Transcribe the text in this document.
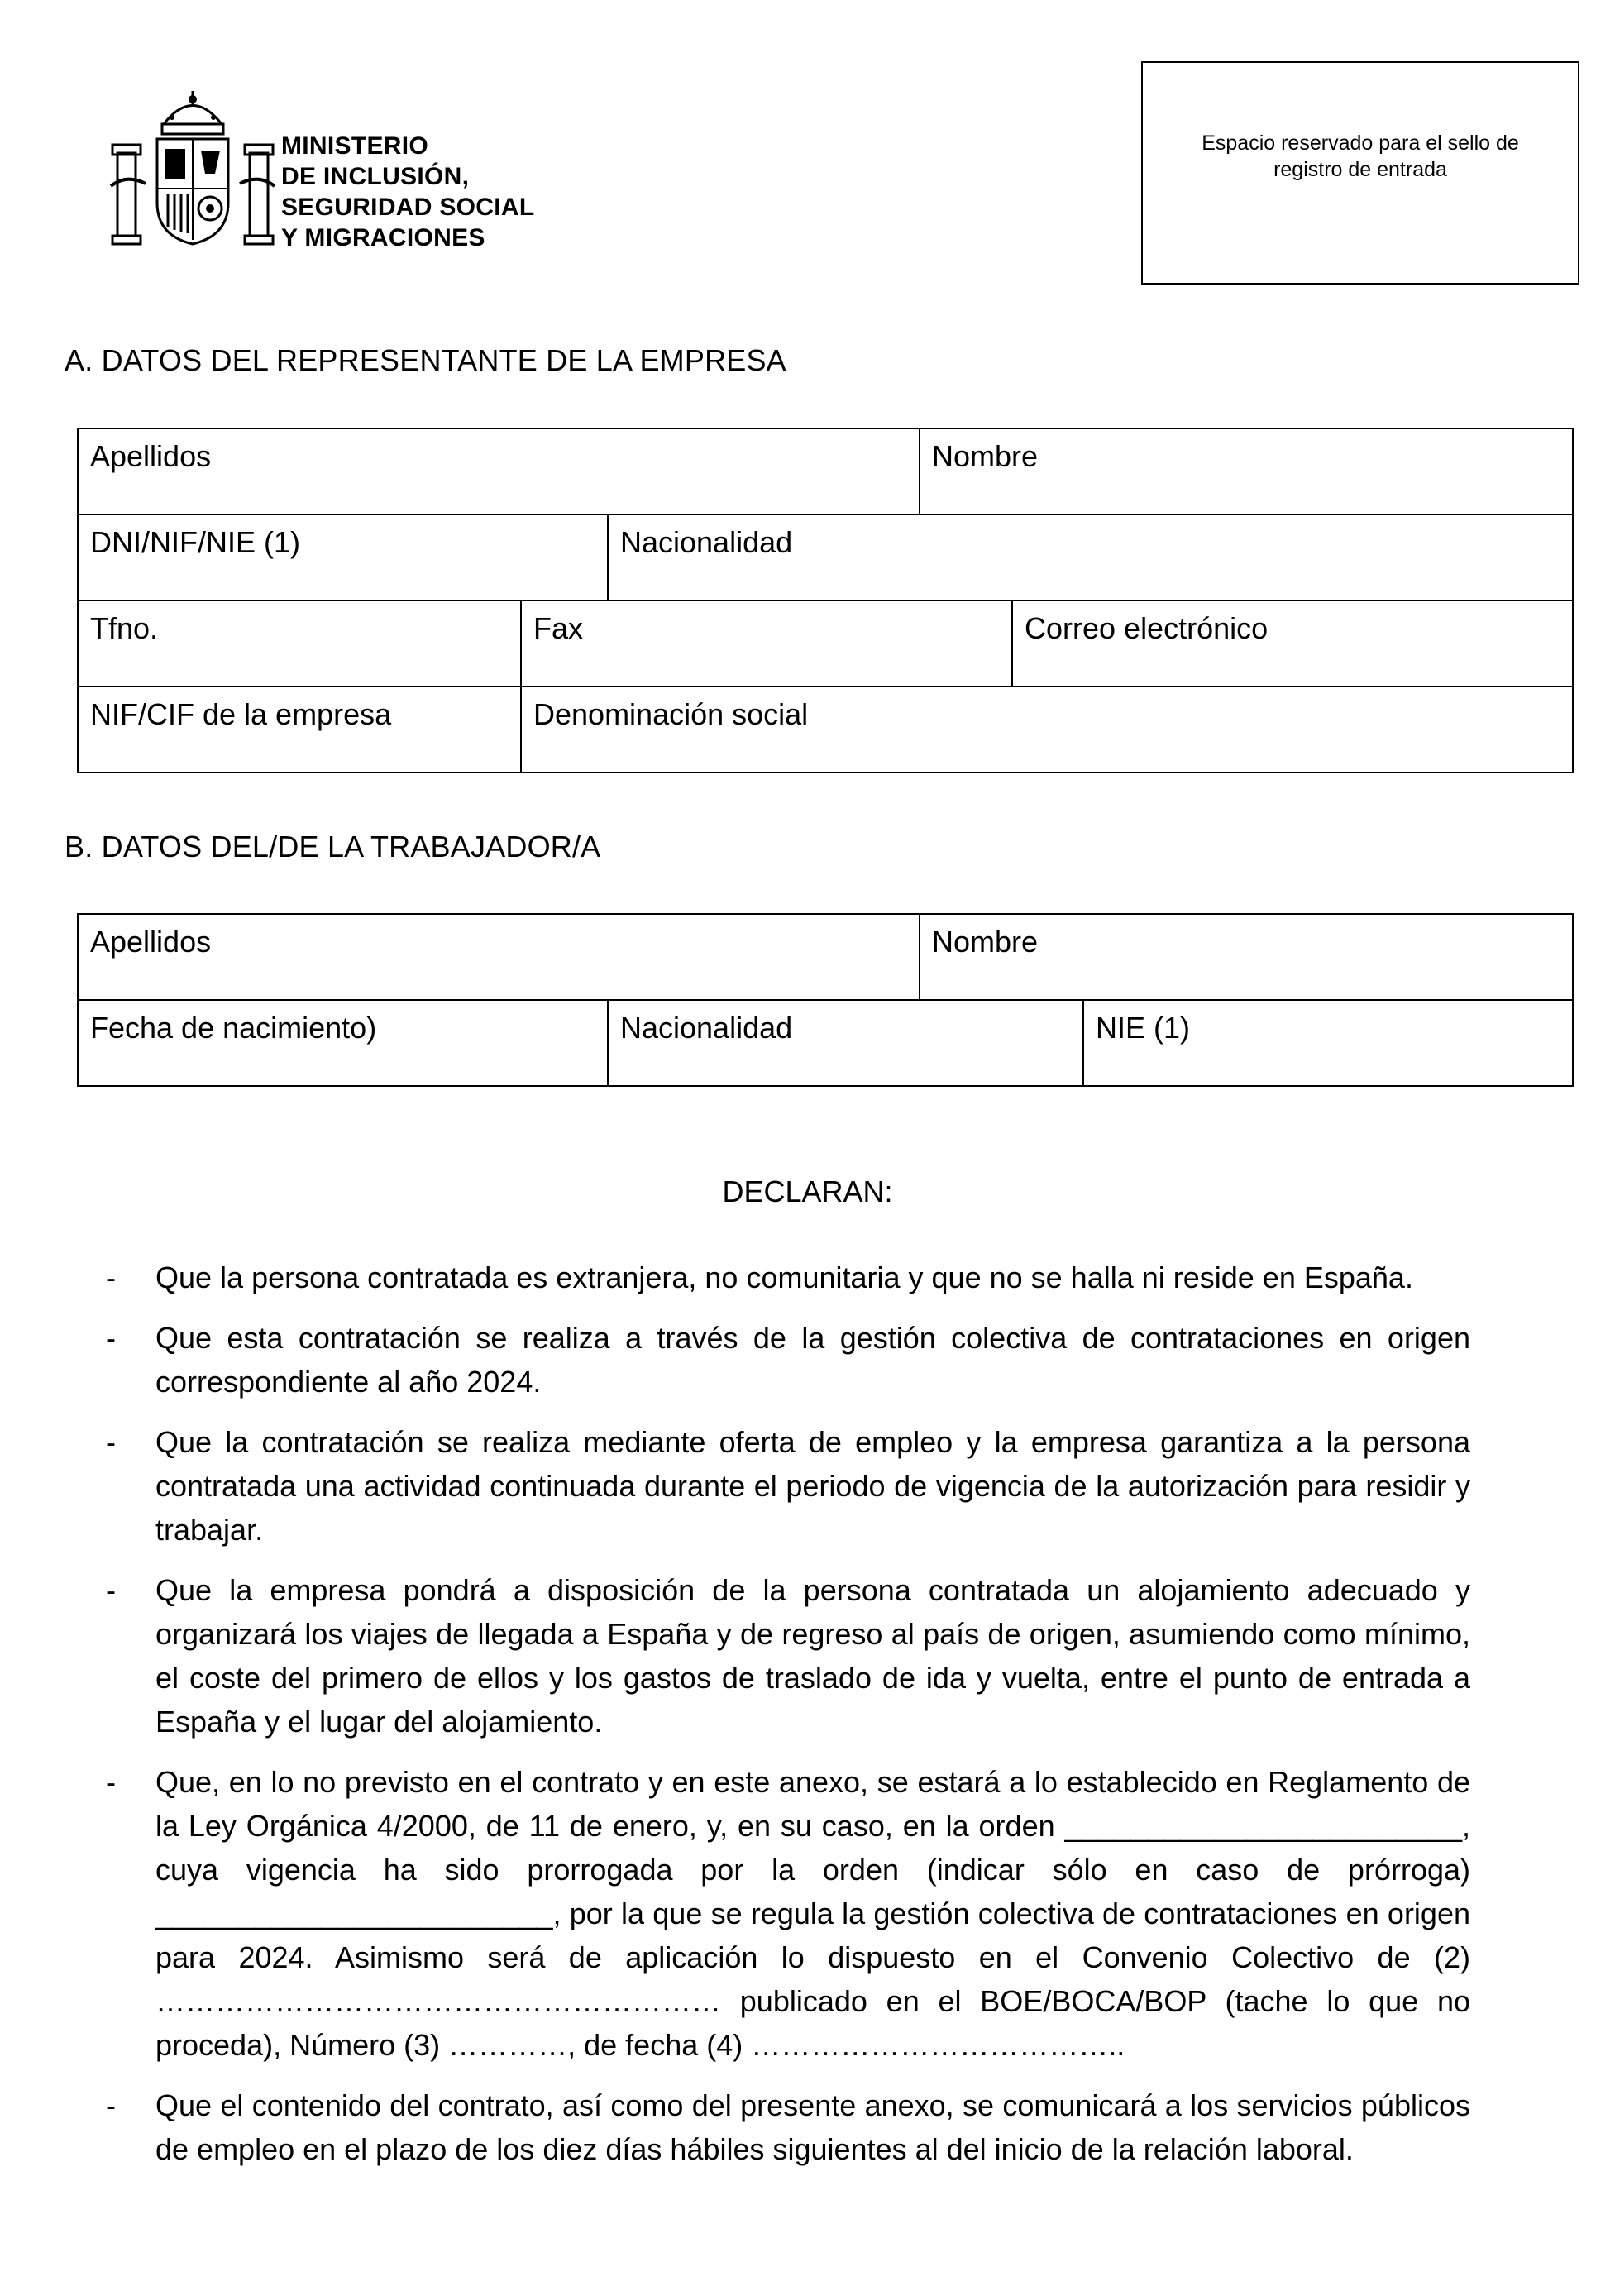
MINISTERIO
DE INCLUSIÓN,
SEGURIDAD SOCIAL
Y MIGRACIONES
Espacio reservado para el sello de registro de entrada
A. DATOS DEL REPRESENTANTE DE LA EMPRESA
Apellidos	Nombre
DNI/NIF/NIE (1)	Nacionalidad
Tfno.	Fax	Correo electrónico
NIF/CIF de la empresa	Denominación social
B. DATOS DEL/DE LA TRABAJADOR/A
Apellidos	Nombre
Fecha de nacimiento)	Nacionalidad	NIE (1)
DECLARAN:
- Que la persona contratada es extranjera, no comunitaria y que no se halla ni reside en España.
- Que esta contratación se realiza a través de la gestión colectiva de contrataciones en origen correspondiente al año 2024.
- Que la contratación se realiza mediante oferta de empleo y la empresa garantiza a la persona contratada una actividad continuada durante el periodo de vigencia de la autorización para residir y trabajar.
- Que la empresa pondrá a disposición de la persona contratada un alojamiento adecuado y organizará los viajes de llegada a España y de regreso al país de origen, asumiendo como mínimo, el coste del primero de ellos y los gastos de traslado de ida y vuelta, entre el punto de entrada a España y el lugar del alojamiento.
- Que, en lo no previsto en el contrato y en este anexo, se estará a lo establecido en Reglamento de la Ley Orgánica 4/2000, de 11 de enero, y, en su caso, en la orden ________________________, cuya vigencia ha sido prorrogada por la orden (indicar sólo en caso de prórroga) ________________________, por la que se regula la gestión colectiva de contrataciones en origen para 2024. Asimismo será de aplicación lo dispuesto en el Convenio Colectivo de (2) ………………………………………………… publicado en el BOE/BOCA/BOP (tache lo que no proceda), Número (3) …………, de fecha (4) ………………………………..
- Que el contenido del contrato, así como del presente anexo, se comunicará a los servicios públicos de empleo en el plazo de los diez días hábiles siguientes al del inicio de la relación laboral.
